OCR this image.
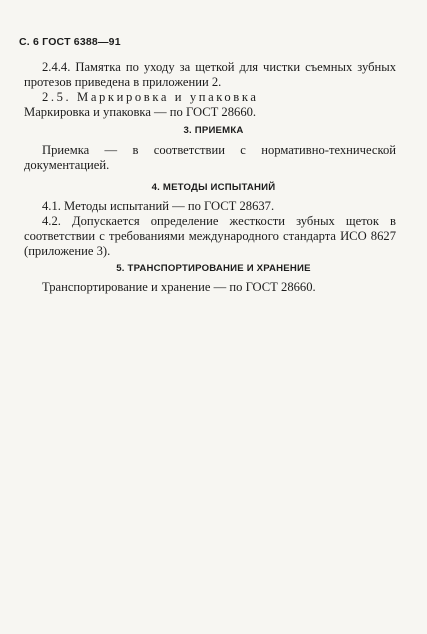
С. 6 ГОСТ 6388—91
2.4.4. Памятка по уходу за щеткой для чистки съемных зубных протезов приведена в приложении 2.
2.5. Маркировка и упаковка
Маркировка и упаковка — по ГОСТ 28660.
3. ПРИЕМКА
Приемка — в соответствии с нормативно-технической документацией.
4. МЕТОДЫ ИСПЫТАНИЙ
4.1. Методы испытаний — по ГОСТ 28637.
4.2. Допускается определение жесткости зубных щеток в соответствии с требованиями международного стандарта ИСО 8627 (приложение 3).
5. ТРАНСПОРТИРОВАНИЕ И ХРАНЕНИЕ
Транспортирование и хранение — по ГОСТ 28660.
